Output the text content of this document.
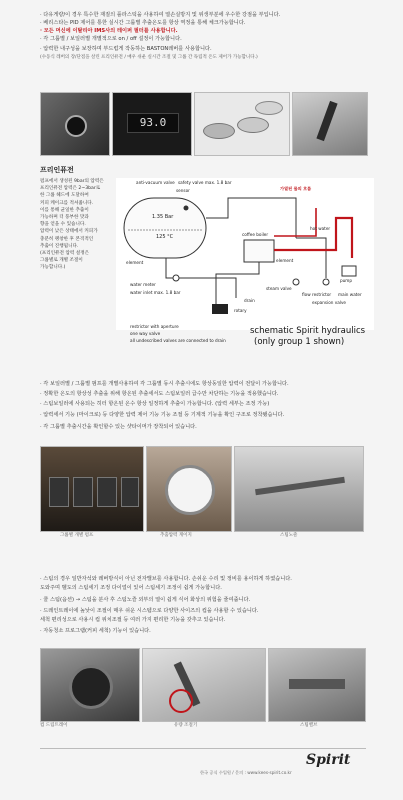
· 다유게량/이 경우 특수한 재질의 플라스틱을 사용하여 열손실방지 및 위생부분에 우수한 강점을 부입니다.
· 베리스타는 PID 제어를 통한 실시간 그룹별 추출온도를 항상 역정을 통해 체크가능합니다.
· 모든 머신에 이탈리아 IMS사의 테이퍼 필터를 사용합니다.
· 각 그룹별 / 보일러별 개별적으로 on / off 설정이 가능합니다.
· 압력한 내구성을 보장하며 부드럽게 작동하는 BASTON레버를 사용합니다.
(수동식 레버의 장/단점을 살린 프리인퓨전 / 매우 쉬운 실시간 조절 및 그룹 간 독립적 온도 제어가 가능합니다.)
93.0
프리인퓨전
펌프에서 생성된 9bar의 압력은
프리인퓨전 압력은 2~3bar로
한 그룹 헤드에 도달하여
커피 케이크를 적셔줍니다.
이를 통해 균일한 추출이
가능하며 더 풍부한 맛과
향을 얻을 수 있습니다.
압력이 낮은 상태에서 커피가
충분히 팽창한 후 본격적인
추출이 진행됩니다.
(프리인퓨전 압력 설정은
그룹별로 개별 조절이
가능합니다.)
anti-vacuum valve safety valve max. 1.8 bar
sensor
1.35 Bar
125 °C
element	element
가열된 물의 흐름
hot water
water meter
steam valve
water inlet max. 1.8 bar
pump
coffee boiler
flow restrictor
drain
main water
expansion valve
rotary
restrictor with aperture
one way valve
all undescribed valves are connected to drain
schematic Spirit hydraulics
(only group 1 shown)
· 각 보일러별 / 그룹별 펌프를 개별사용하여 각 그룹별 동시 추출시에도 항상동일한 압력이 전달이 가능합니다.
· 정확한 온도의 항상성 추출을 위해 항온된 추출세서도 스팀보일러 급수만 차단하는 기능을 적용했습니다.
· 스팀보일러에 사용되는 히터 항온된 온수 항상 일정하게 추출이 가능합니다. (압력 세부는 조정 가능)
· 압력세서 기능 (마이크로) 등 다양한 압력 제어 기능 기능 조절 등 기계적 기능을 확인 구조로 정착됐습니다.
· 각 그룹별 추출시간을 확인할수 있는 샷타이머가 장착되어 있습니다.
그룹별 개별 펌프	추출압력 게이지	스팀노즐
· 스팀의 경우 일반자석와 레버방식이 아닌 전자밸브를 사용합니다. 손쉬운 수리 및 정비를 용이하게 하였습니다.
도와주며 벨도의 스팀세기 조정 다이얼이 있어 스팀세기 조정이 쉽게 가능합니다.
· 쿨 스팀(옵션) → 스팀을 분사 후 스팀노즐 외부의 열이 쉽게 식어 화상의 위험을 줄여줍니다.
· 드레인트레이에 높낮이 조절이 매우 쉬운 시스템으로 다양한 사이즈의 컵을 사용할 수 있습니다.
세척 편리성으로 사용시 컵 위치조절 등 여러 가지 편리한 기능을 갖추고 있습니다.
· 자동청소 프로그램(커피 세척) 기능이 있습니다.
컵 드립트레이	유량 조절기	스팀밸브
Spirit
한국 공식 수입원 / 문의 : www.kees-spirit.co.kr
